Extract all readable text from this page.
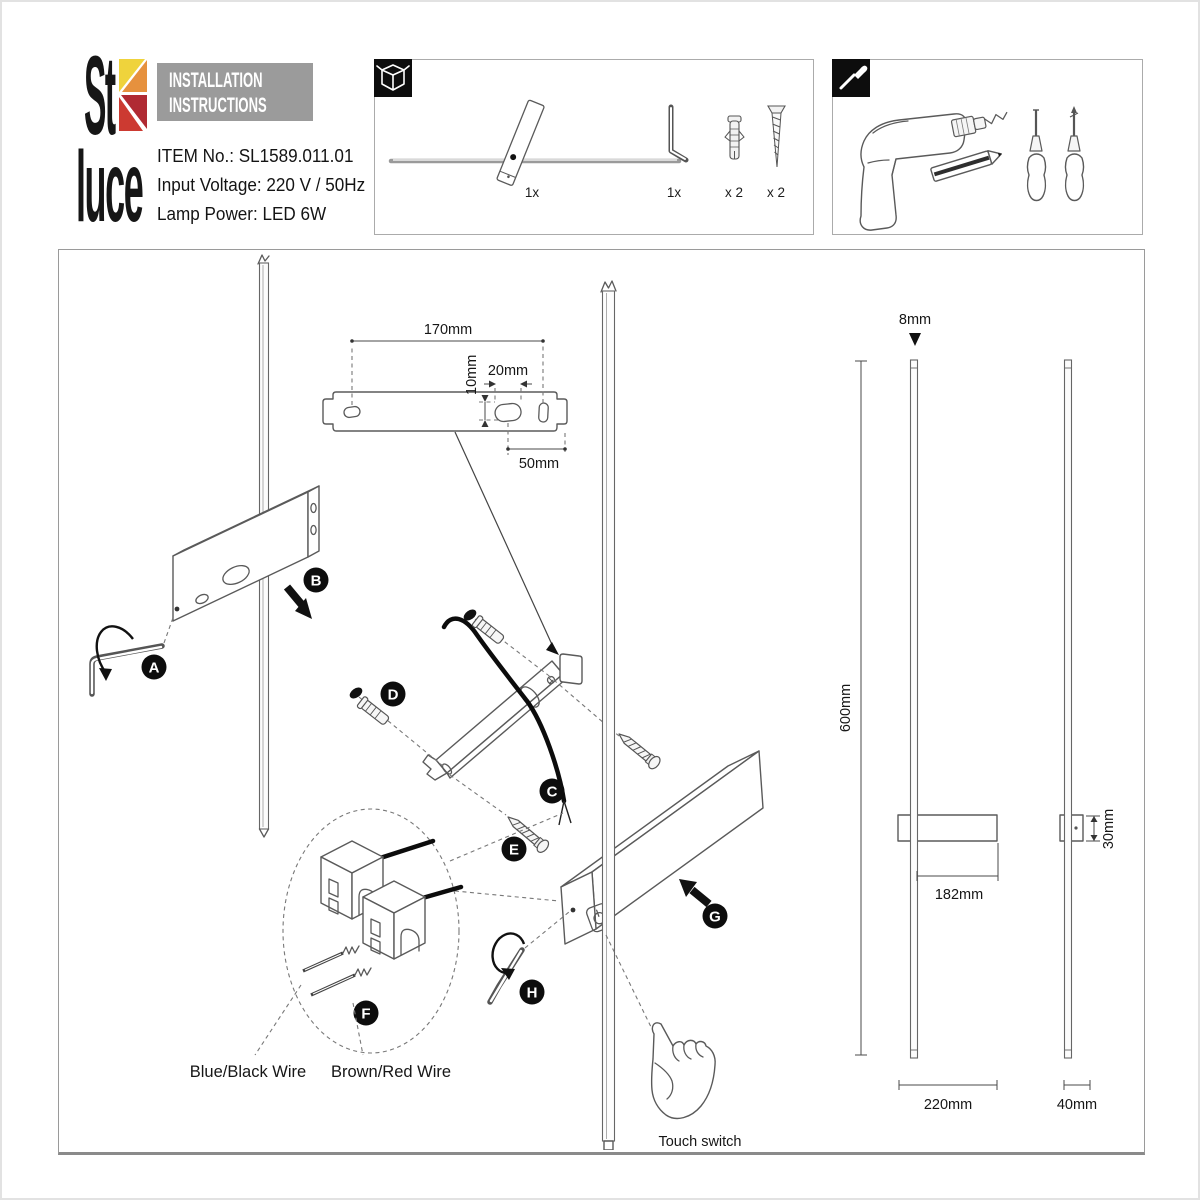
St
luce
INSTALLATION
INSTRUCTIONS
ITEM No.: SL1589.011.01
Input Voltage: 220 V / 50Hz
Lamp Power: LED 6W
1x	1x	x 2 x 2
A
B
170mm
10mm 20mm
50mm
C
D
E
G
H
Touch switch
F
Blue/Black Wire Brown/Red Wire
8mm
600mm
182mm
220mm
30mm
40mm
